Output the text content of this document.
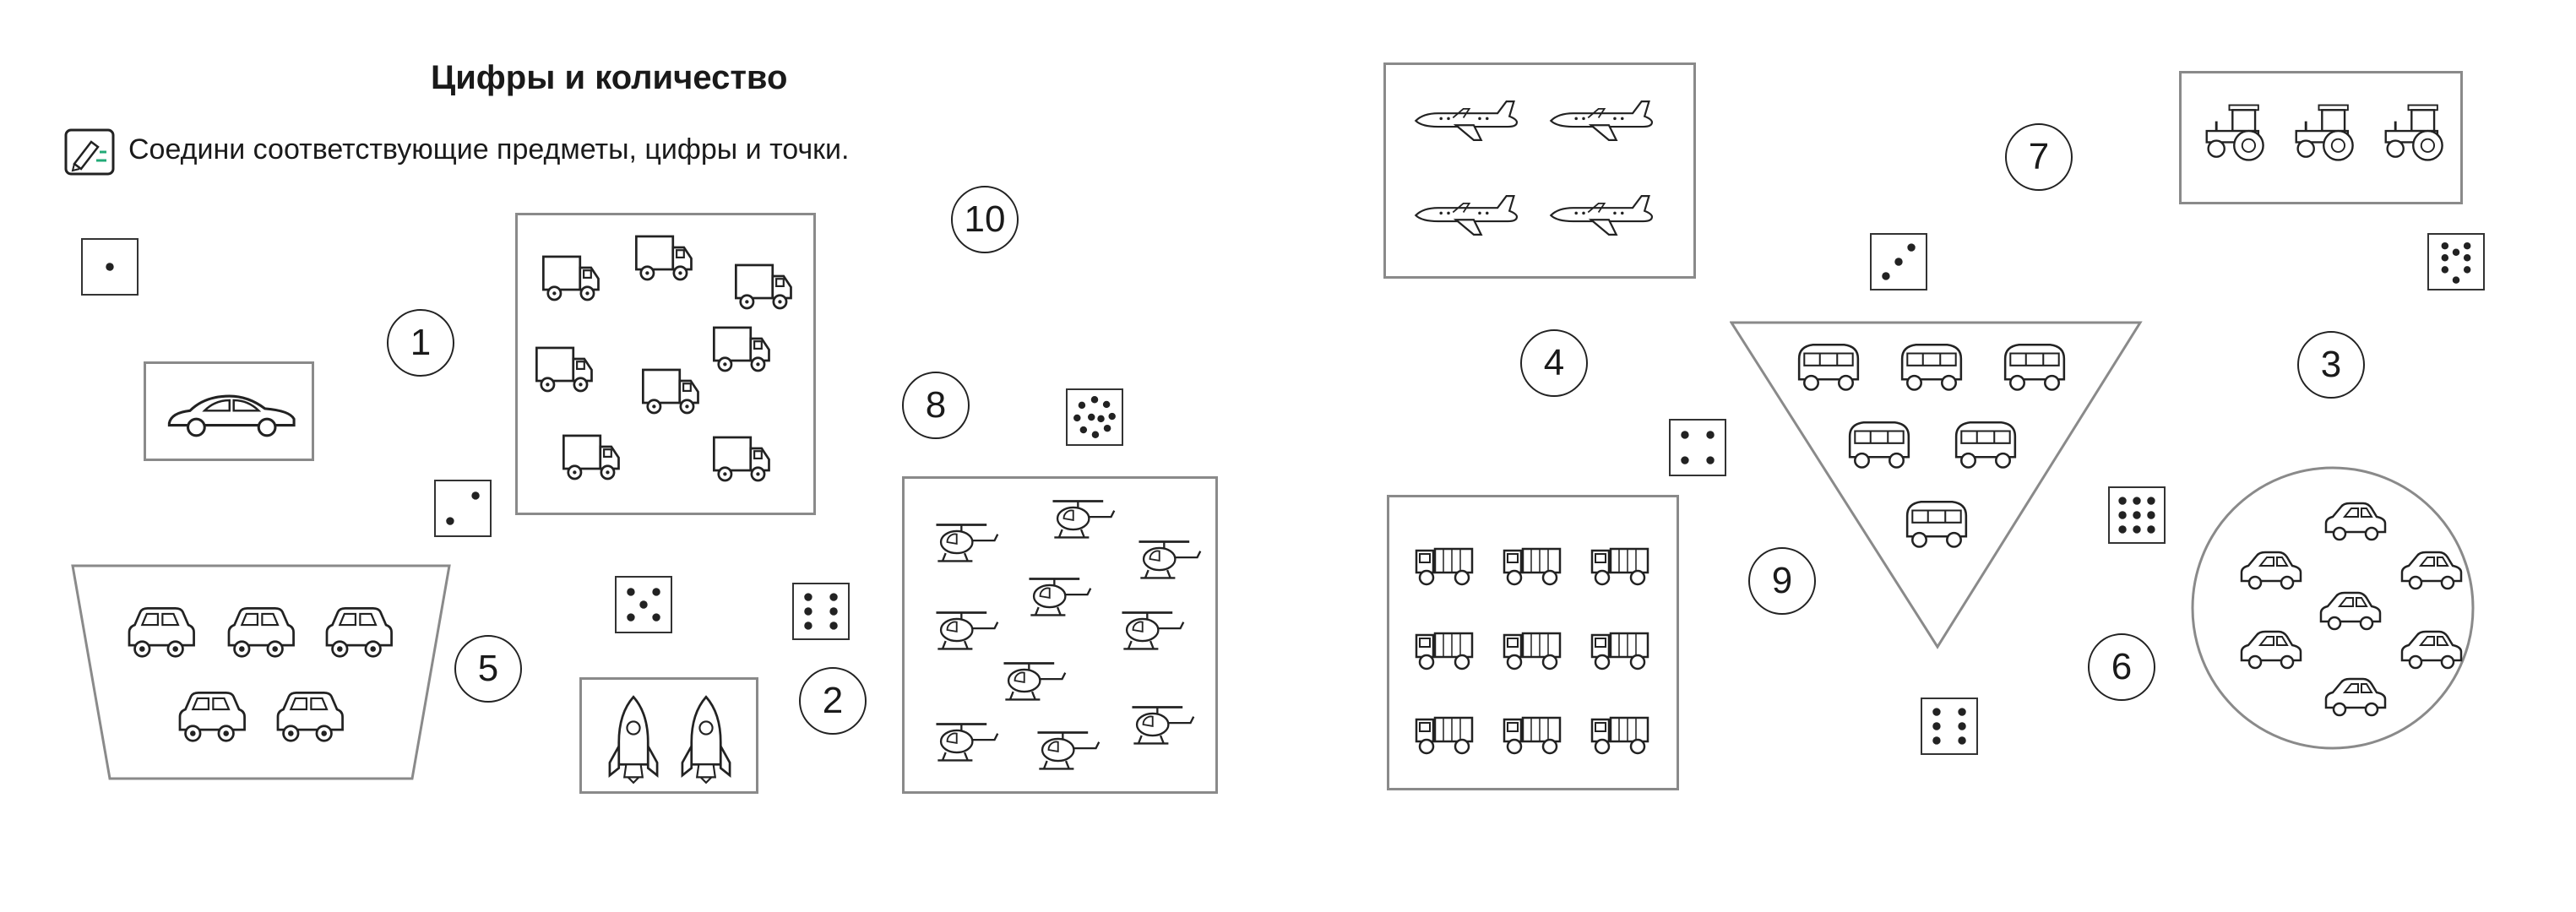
Цифры и количество
Соедини соответствующие предметы, цифры и точки.
1
2
3
4
5	6
7
8
9
10
